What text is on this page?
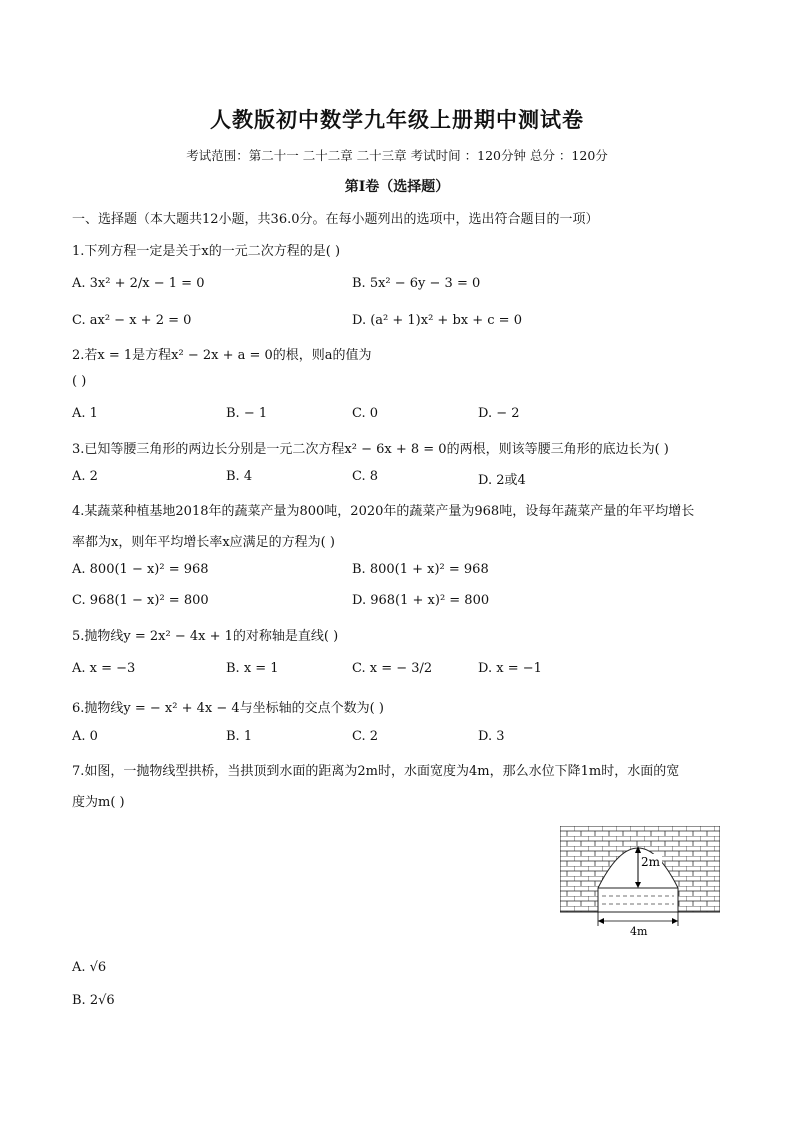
人教版初中数学九年级上册期中测试卷
考试范围：第二十一 二十二章 二十三章 考试时间 ：120分钟 总分 ：120分
第I卷（选择题）
一、选择题（本大题共12小题，共36.0分。在每小题列出的选项中，选出符合题目的一项）
1.下列方程一定是关于x的一元二次方程的是( )
A. 3x² + 2/x − 1 = 0	B. 5x² − 6y − 3 = 0
C. ax² − x + 2 = 0	D. (a² + 1)x² + bx + c = 0
2.若x = 1是方程x² − 2x + a = 0的根，则a的值为
( )
A. 1	B. − 1	C. 0	D. − 2
3.已知等腰三角形的两边长分别是一元二次方程x² − 6x + 8 = 0的两根，则该等腰三角形的底边长为( )
A. 2	B. 4	C. 8	D. 2或4
4.某蔬菜种植基地2018年的蔬菜产量为800吨，2020年的蔬菜产量为968吨，设每年蔬菜产量的年平均增长
率都为x，则年平均增长率x应满足的方程为( )
A. 800(1 − x)² = 968	B. 800(1 + x)² = 968
C. 968(1 − x)² = 800	D. 968(1 + x)² = 800
5.抛物线y = 2x² − 4x + 1的对称轴是直线( )
A. x = −3	B. x = 1	C. x = − 3/2	D. x = −1
6.抛物线y = − x² + 4x − 4与坐标轴的交点个数为( )
A. 0	B. 1	C. 2	D. 3
7.如图，一抛物线型拱桥，当拱顶到水面的距离为2m时，水面宽度为4m，那么水位下降1m时，水面的宽
度为m( )
2m
4m
A. √6
B. 2√6
